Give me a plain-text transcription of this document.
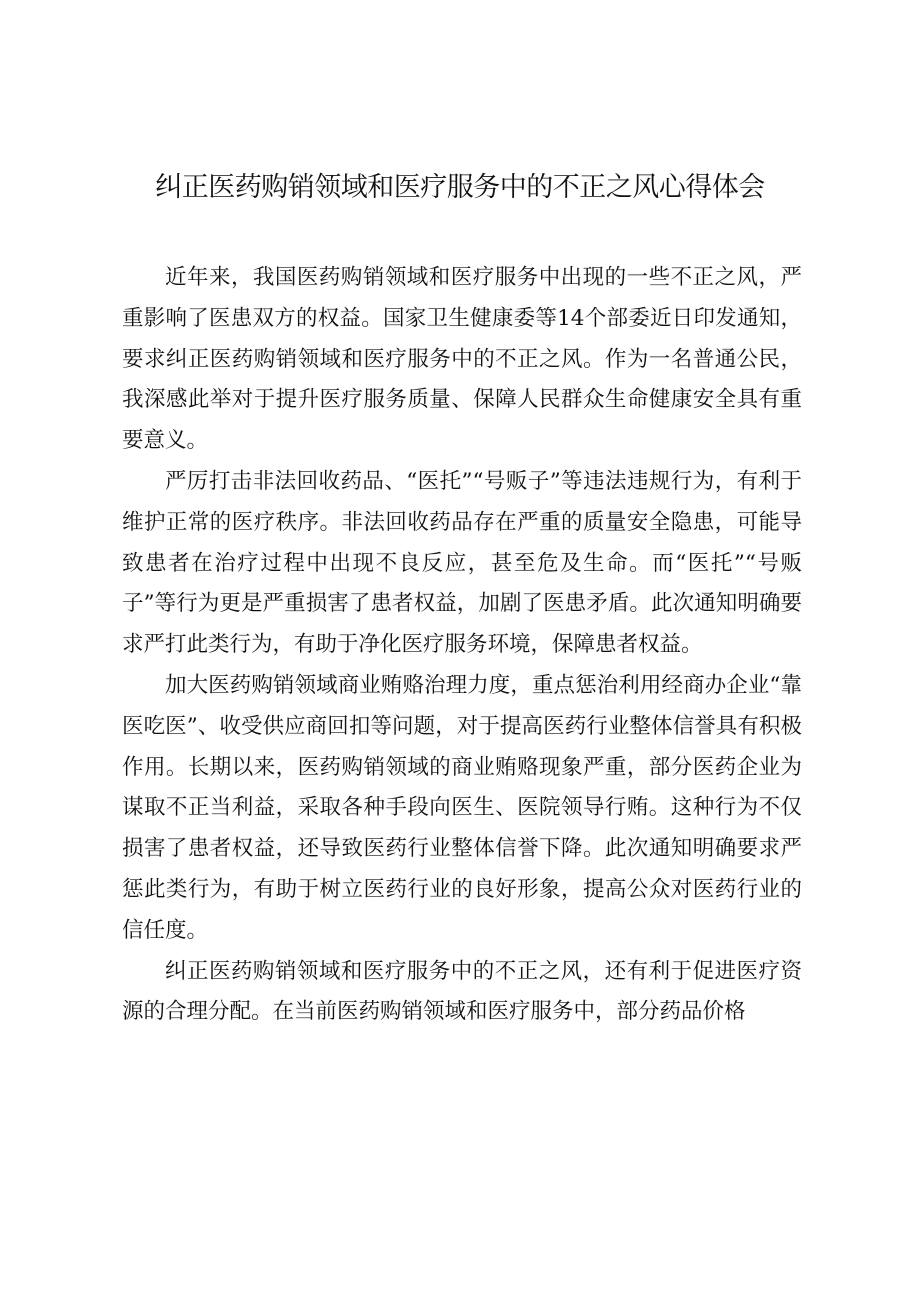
纠正医药购销领域和医疗服务中的不正之风心得体会

近年来，我国医药购销领域和医疗服务中出现的一些不正之风，严重影响了医患双方的权益。国家卫生健康委等14个部委近日印发通知，要求纠正医药购销领域和医疗服务中的不正之风。作为一名普通公民，我深感此举对于提升医疗服务质量、保障人民群众生命健康安全具有重要意义。

严厉打击非法回收药品、“医托”“号贩子”等违法违规行为，有利于维护正常的医疗秩序。非法回收药品存在严重的质量安全隐患，可能导致患者在治疗过程中出现不良反应，甚至危及生命。而“医托”“号贩子”等行为更是严重损害了患者权益，加剧了医患矛盾。此次通知明确要求严打此类行为，有助于净化医疗服务环境，保障患者权益。

加大医药购销领域商业贿赂治理力度，重点惩治利用经商办企业“靠医吃医”、收受供应商回扣等问题，对于提高医药行业整体信誉具有积极作用。长期以来，医药购销领域的商业贿赂现象严重，部分医药企业为谋取不正当利益，采取各种手段向医生、医院领导行贿。这种行为不仅损害了患者权益，还导致医药行业整体信誉下降。此次通知明确要求严惩此类行为，有助于树立医药行业的良好形象，提高公众对医药行业的信任度。

纠正医药购销领域和医疗服务中的不正之风，还有利于促进医疗资源的合理分配。在当前医药购销领域和医疗服务中，部分药品价格
